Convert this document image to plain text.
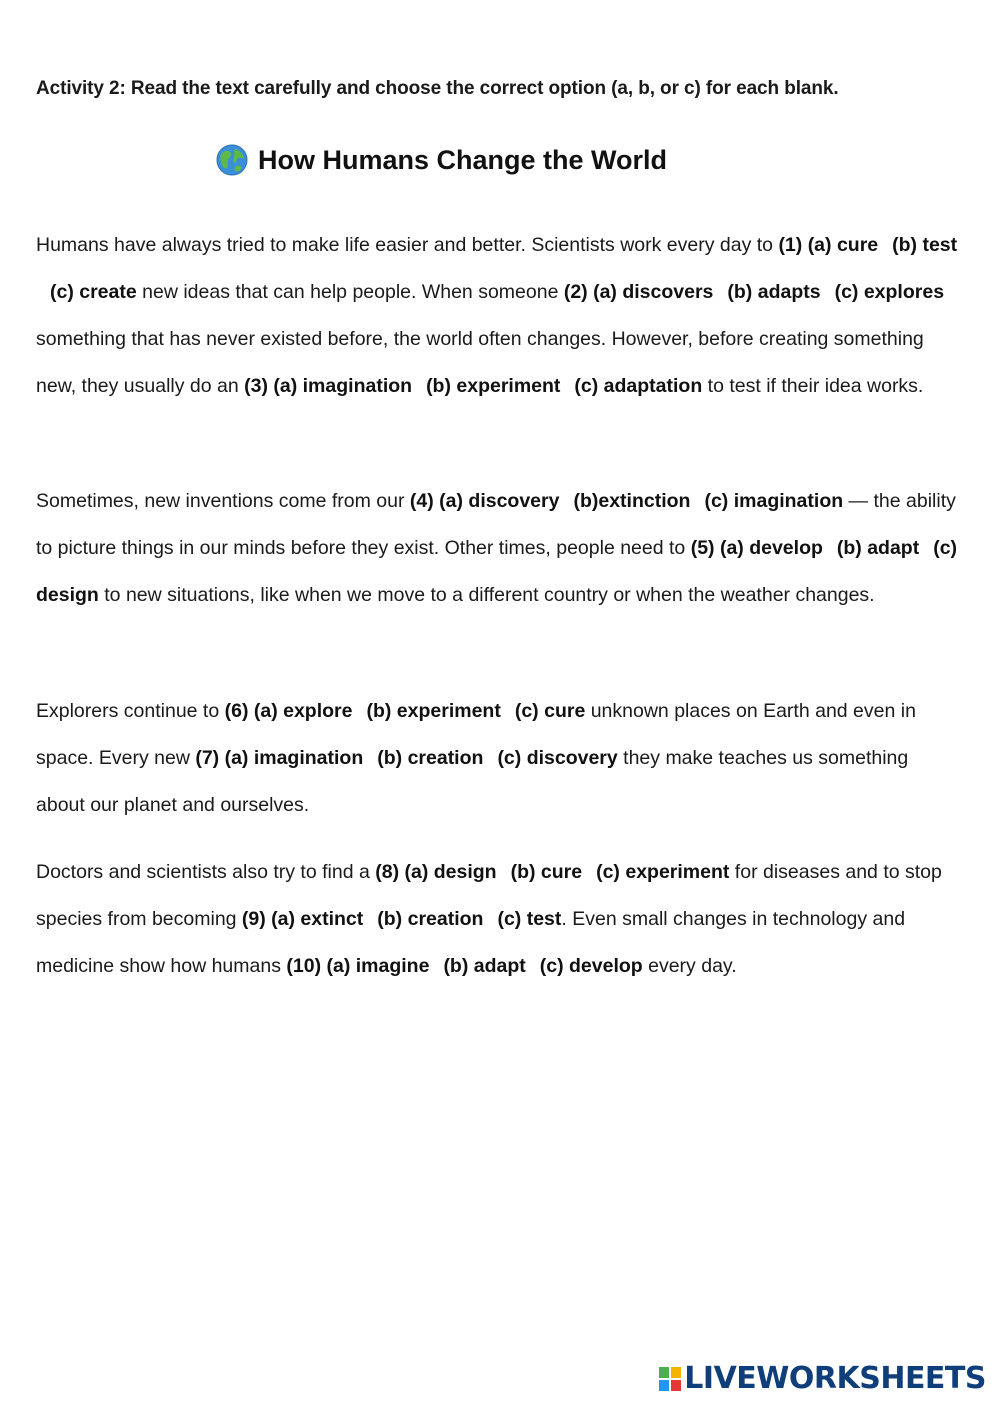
Activity 2: Read the text carefully and choose the correct option (a, b, or c) for each blank.
How Humans Change the World

Humans have always tried to make life easier and better. Scientists work every day to (1) (a) cure (b) test(c) create new ideas that can help people. When someone (2) (a) discovers (b) adapts (c) explores something that has never existed before, the world often changes. However, before creating something new, they usually do an (3) (a) imagination (b) experiment (c) adaptation to test if their idea works.

Sometimes, new inventions come from our (4) (a) discovery (b)extinction (c) imagination — the ability to picture things in our minds before they exist. Other times, people need to (5) (a) develop (b) adapt (c) design to new situations, like when we move to a different country or when the weather changes.

Explorers continue to (6) (a) explore (b) experiment (c) cure unknown places on Earth and even in space. Every new (7) (a) imagination (b) creation (c) discovery they make teaches us something about our planet and ourselves.

Doctors and scientists also try to find a (8) (a) design (b) cure (c) experiment for diseases and to stop species from becoming (9) (a) extinct (b) creation (c) test. Even small changes in technology and medicine show how humans (10) (a) imagine (b) adapt (c) develop every day.

LIVEWORKSHEETS
